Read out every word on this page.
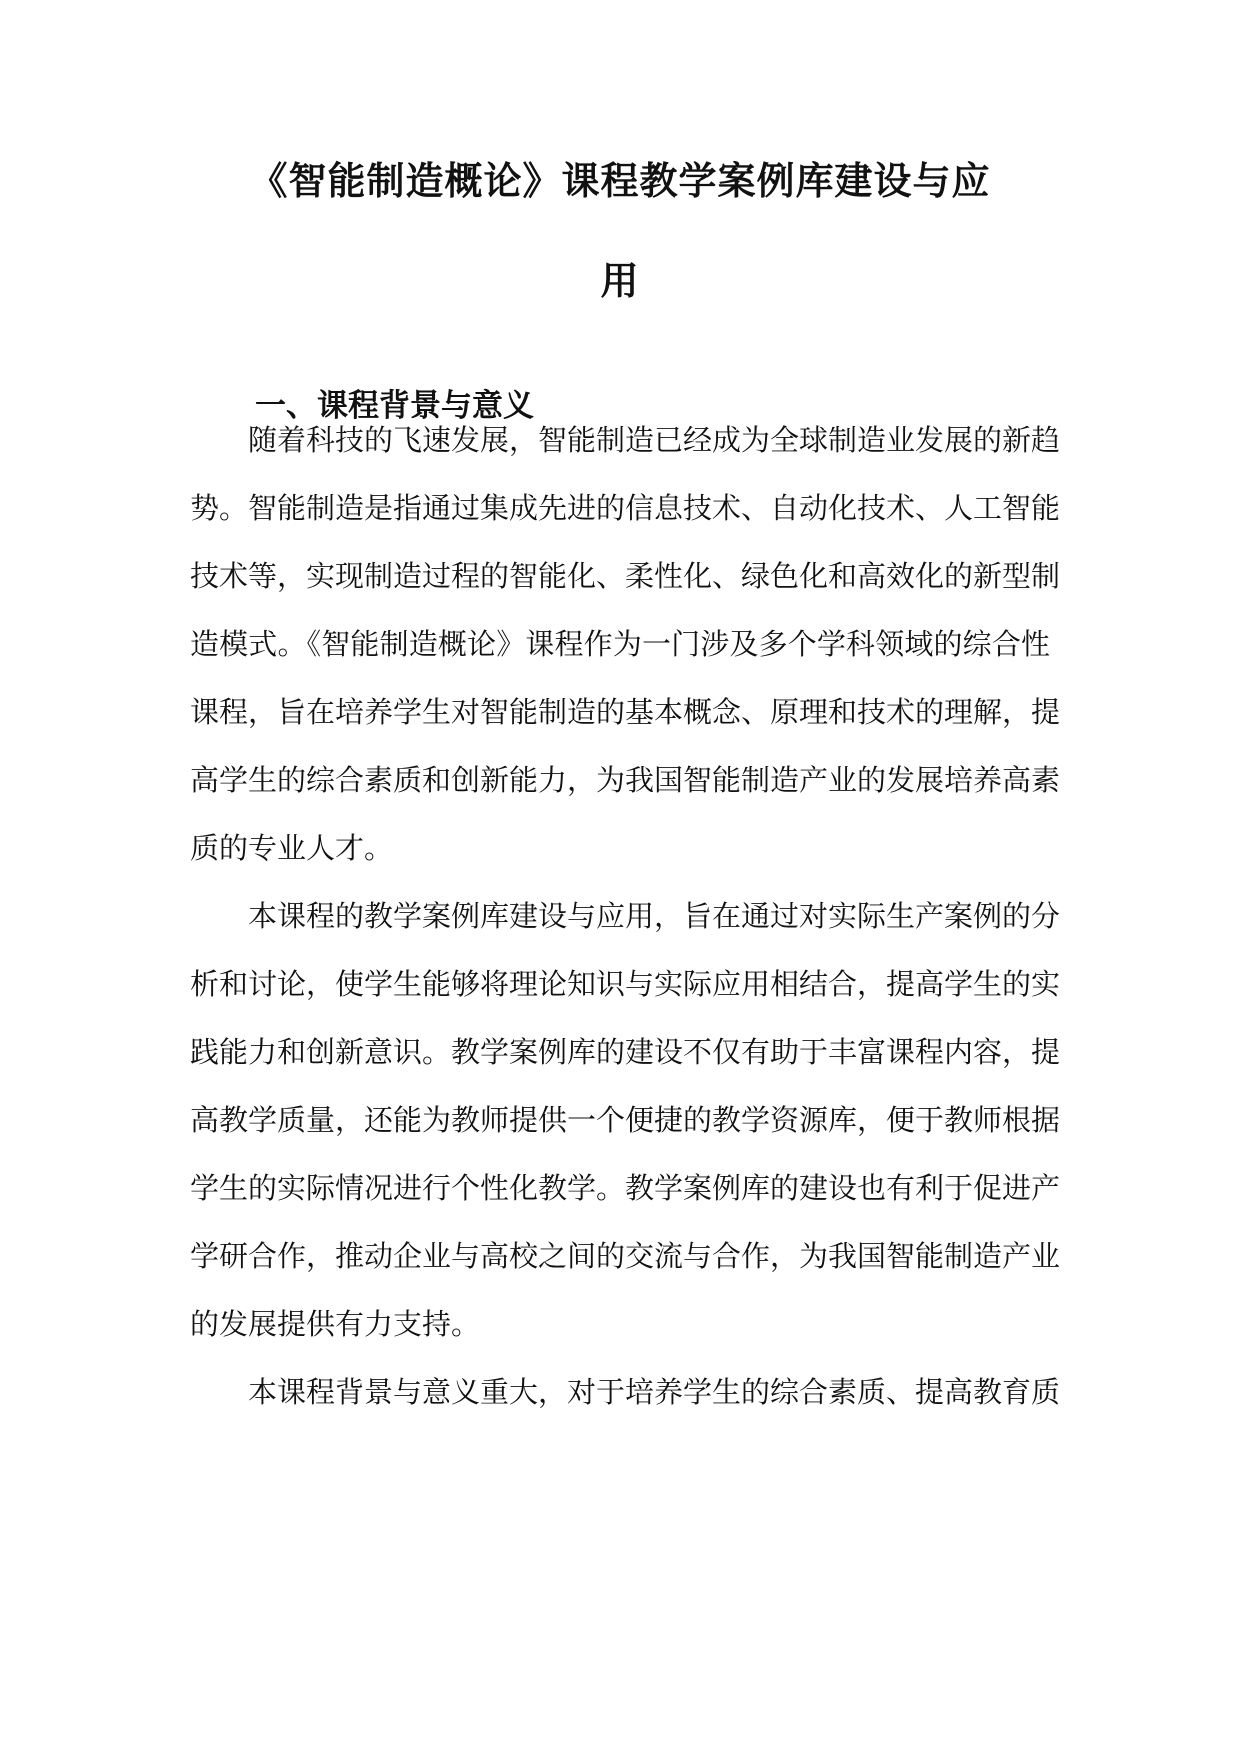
《智能制造概论》课程教学案例库建设与应
用
一、课程背景与意义
随着科技的飞速发展，智能制造已经成为全球制造业发展的新趋
势。智能制造是指通过集成先进的信息技术、自动化技术、人工智能
技术等，实现制造过程的智能化、柔性化、绿色化和高效化的新型制
造模式。《智能制造概论》课程作为一门涉及多个学科领域的综合性
课程，旨在培养学生对智能制造的基本概念、原理和技术的理解，提
高学生的综合素质和创新能力，为我国智能制造产业的发展培养高素
质的专业人才。
本课程的教学案例库建设与应用，旨在通过对实际生产案例的分
析和讨论，使学生能够将理论知识与实际应用相结合，提高学生的实
践能力和创新意识。教学案例库的建设不仅有助于丰富课程内容，提
高教学质量，还能为教师提供一个便捷的教学资源库，便于教师根据
学生的实际情况进行个性化教学。教学案例库的建设也有利于促进产
学研合作，推动企业与高校之间的交流与合作，为我国智能制造产业
的发展提供有力支持。
本课程背景与意义重大，对于培养学生的综合素质、提高教育质
